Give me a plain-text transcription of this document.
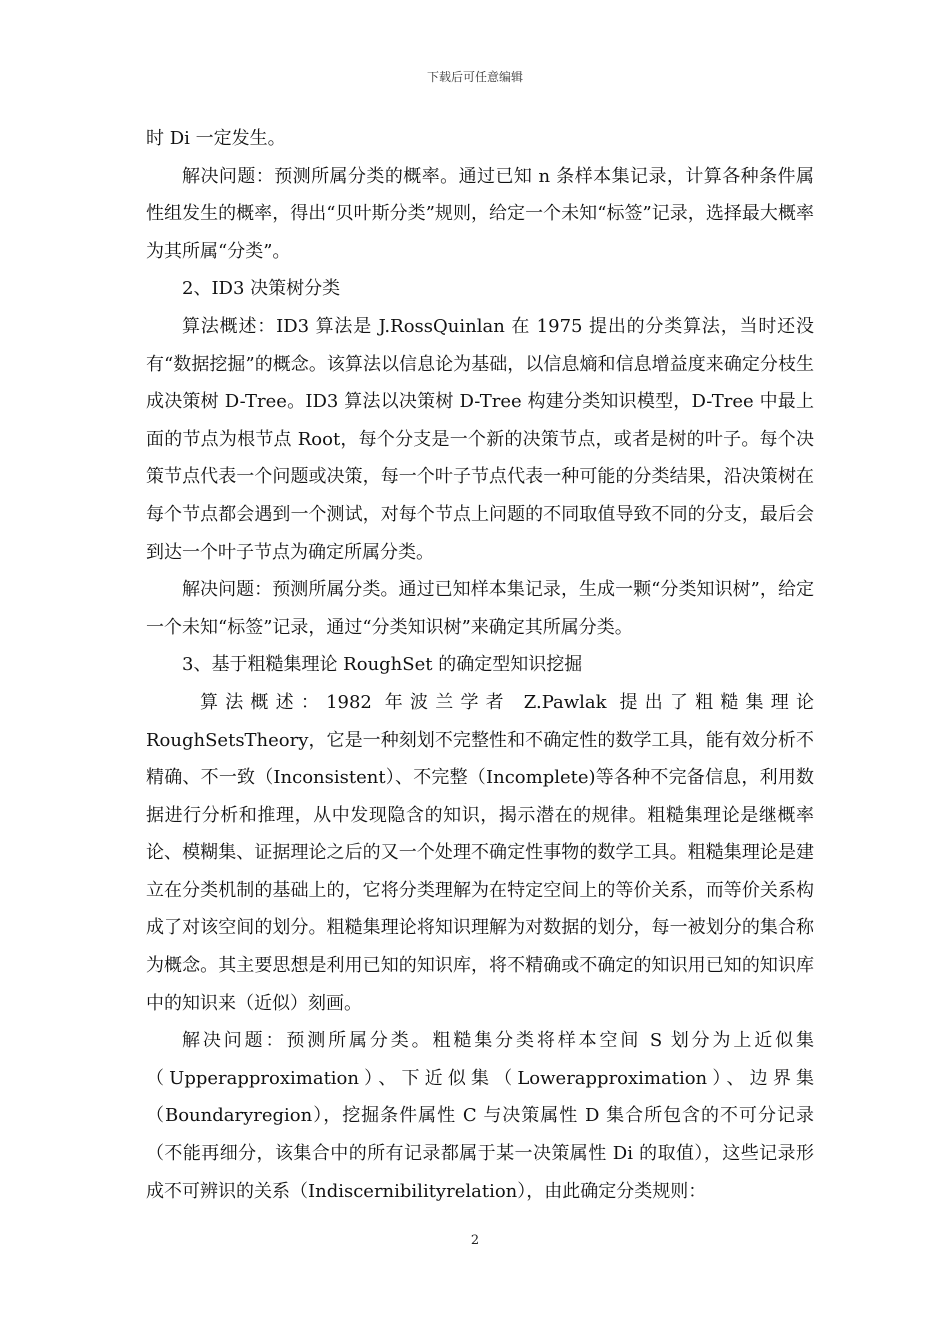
下载后可任意编辑

时 Di 一定发生。

解决问题：预测所属分类的概率。通过已知 n 条样本集记录，计算各种条件属性组发生的概率，得出“贝叶斯分类”规则，给定一个未知“标签”记录，选择最大概率为其所属“分类”。

2、ID3 决策树分类

算法概述：ID3 算法是 J.RossQuinlan 在 1975 提出的分类算法，当时还没有“数据挖掘”的概念。该算法以信息论为基础，以信息熵和信息增益度来确定分枝生成决策树 D-Tree。ID3 算法以决策树 D-Tree 构建分类知识模型，D-Tree 中最上面的节点为根节点 Root，每个分支是一个新的决策节点，或者是树的叶子。每个决策节点代表一个问题或决策，每一个叶子节点代表一种可能的分类结果，沿决策树在每个节点都会遇到一个测试，对每个节点上问题的不同取值导致不同的分支，最后会到达一个叶子节点为确定所属分类。

解决问题：预测所属分类。通过已知样本集记录，生成一颗“分类知识树”，给定一个未知“标签”记录，通过“分类知识树”来确定其所属分类。

3、基于粗糙集理论 RoughSet 的确定型知识挖掘

算法概述：1982 年波兰学者 Z.Pawlak 提出了粗糙集理论 RoughSetsTheory，它是一种刻划不完整性和不确定性的数学工具，能有效分析不精确、不一致（Inconsistent）、不完整（Incomplete)等各种不完备信息，利用数据进行分析和推理，从中发现隐含的知识，揭示潜在的规律。粗糙集理论是继概率论、模糊集、证据理论之后的又一个处理不确定性事物的数学工具。粗糙集理论是建立在分类机制的基础上的，它将分类理解为在特定空间上的等价关系，而等价关系构成了对该空间的划分。粗糙集理论将知识理解为对数据的划分，每一被划分的集合称为概念。其主要思想是利用已知的知识库，将不精确或不确定的知识用已知的知识库中的知识来（近似）刻画。

解决问题：预测所属分类。粗糙集分类将样本空间 S 划分为上近似集（Upperapproximation）、下近似集（Lowerapproximation）、边界集（Boundaryregion），挖掘条件属性 C 与决策属性 D 集合所包含的不可分记录（不能再细分，该集合中的所有记录都属于某一决策属性 Di 的取值），这些记录形成不可辨识的关系（Indiscernibilityrelation），由此确定分类规则：

2
